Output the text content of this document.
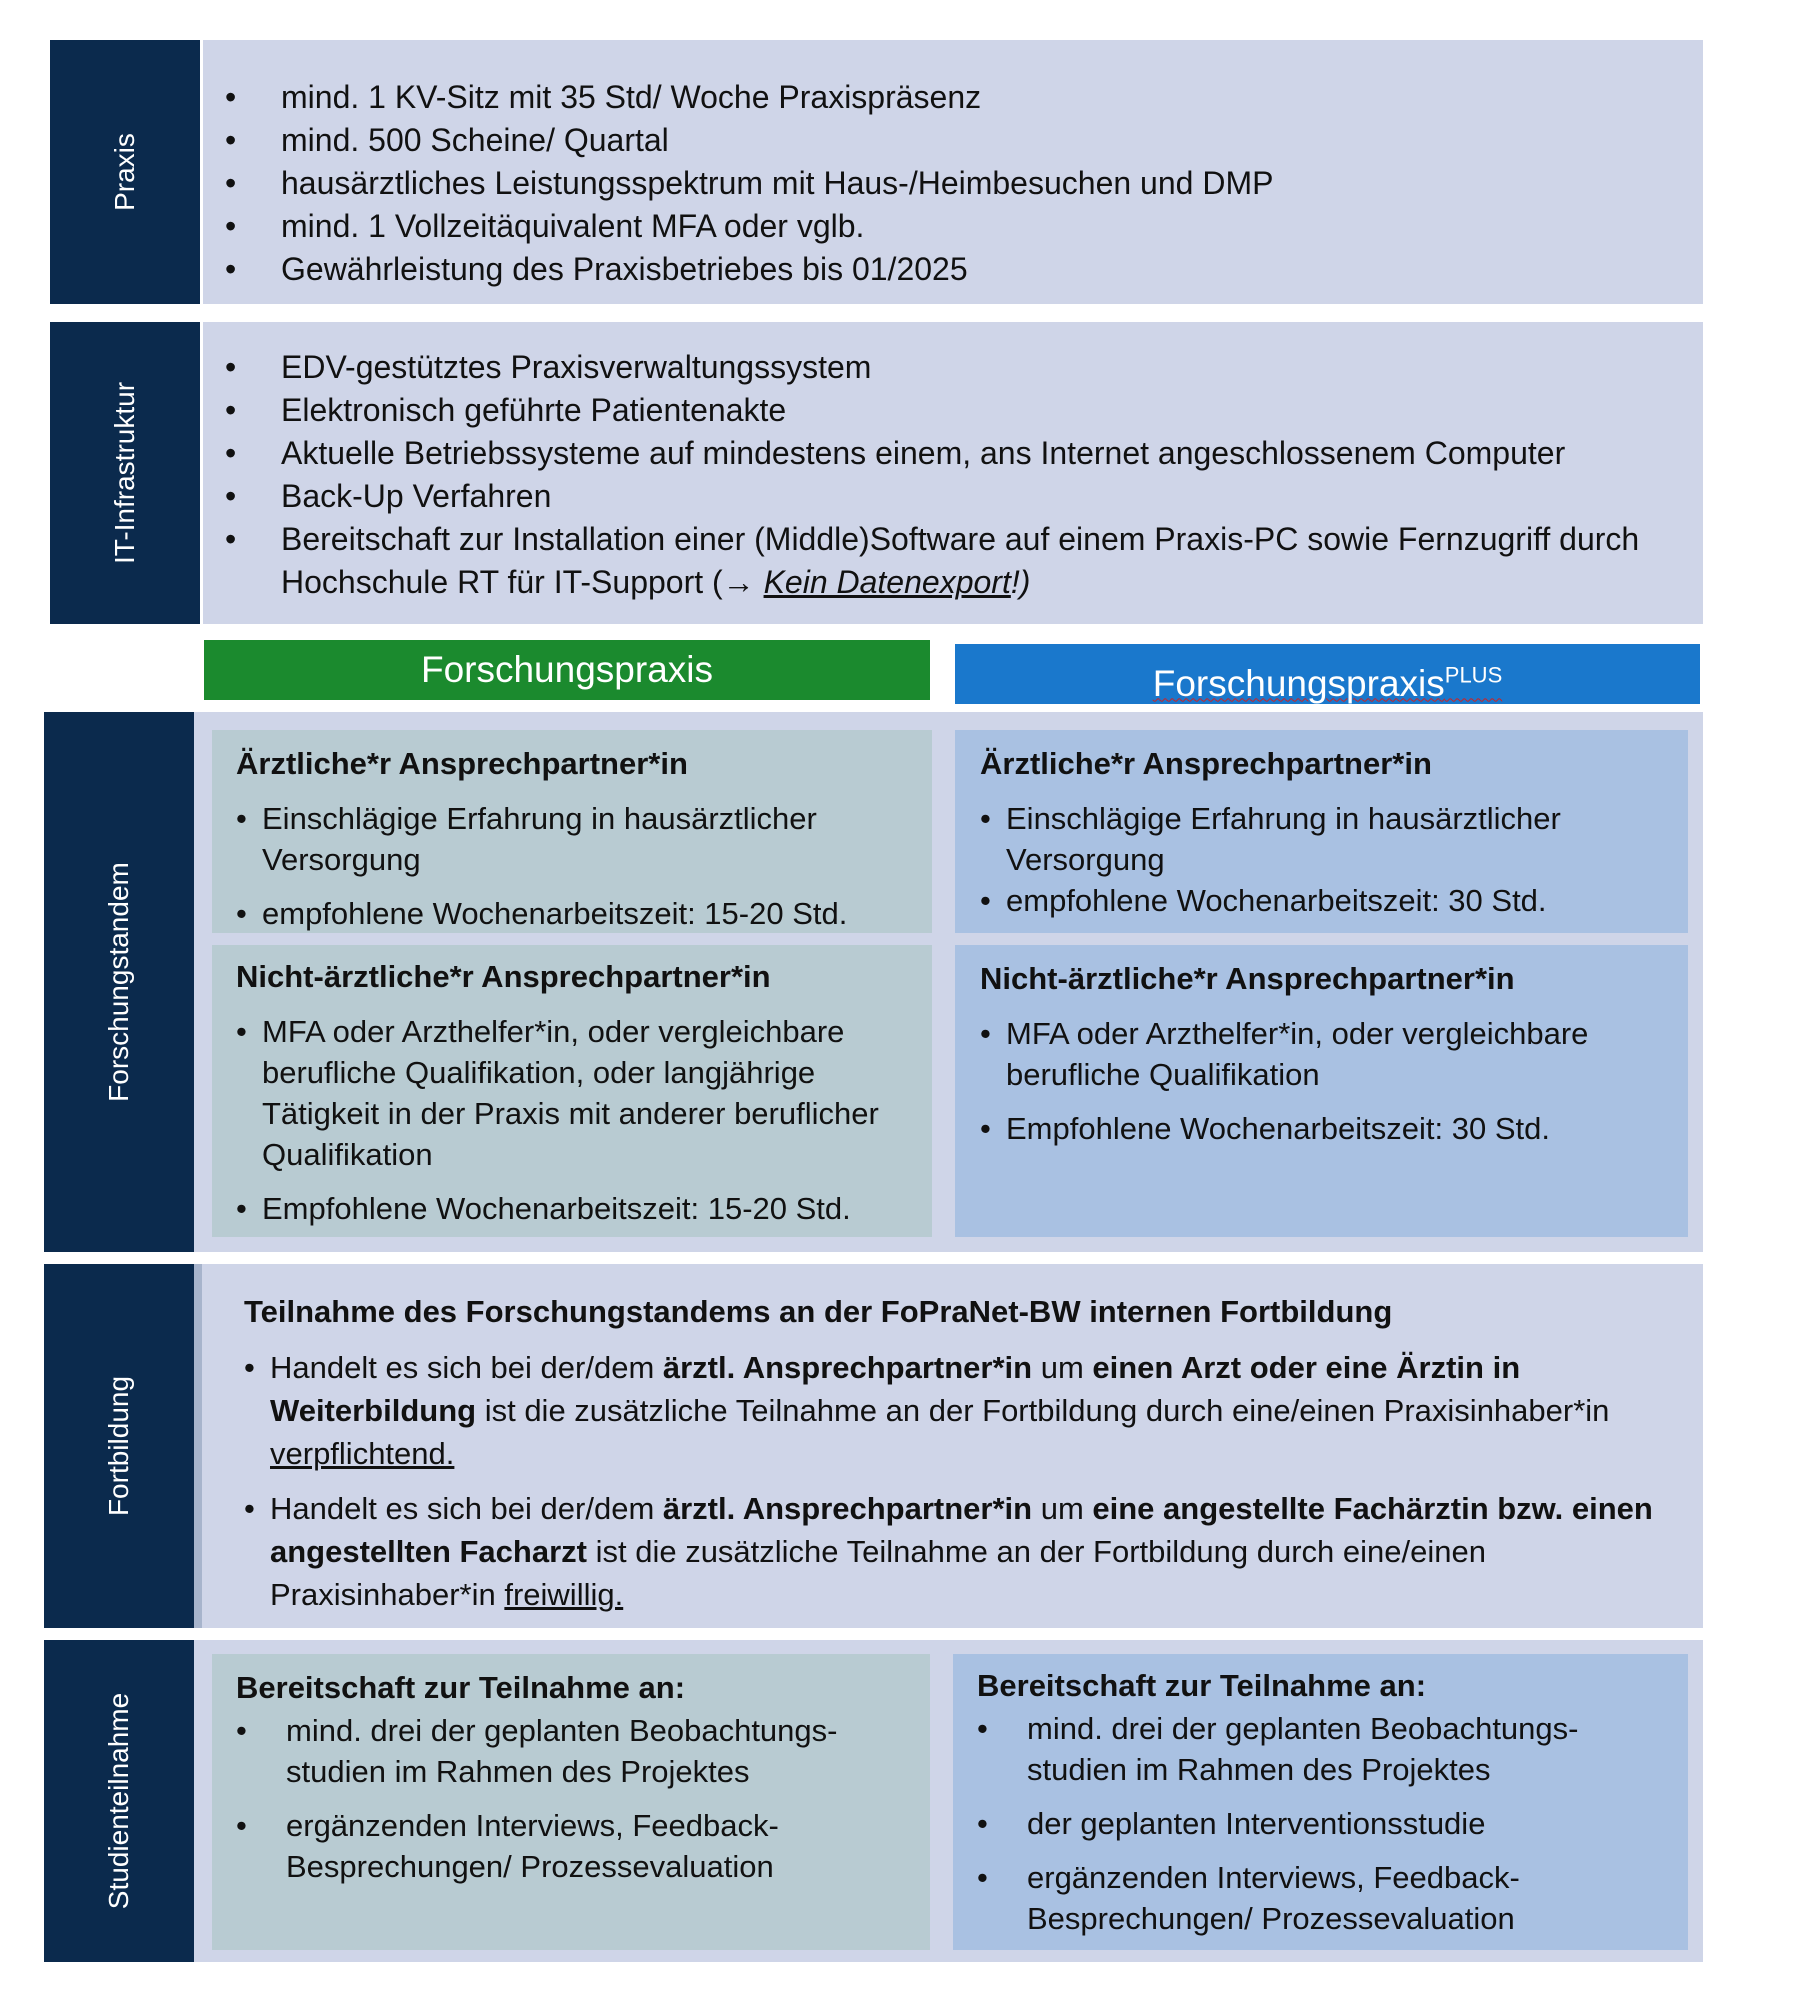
Praxis
• mind. 1 KV-Sitz mit 35 Std/ Woche Praxispräsenz
• mind. 500 Scheine/ Quartal
• hausärztliches Leistungsspektrum mit Haus-/Heimbesuchen und DMP
• mind. 1 Vollzeitäquivalent MFA oder vglb.
• Gewährleistung des Praxisbetriebes bis 01/2025
IT-Infrastruktur
• EDV-gestütztes Praxisverwaltungssystem
• Elektronisch geführte Patientenakte
• Aktuelle Betriebssysteme auf mindestens einem, ans Internet angeschlossenem Computer
• Back-Up Verfahren
• Bereitschaft zur Installation einer (Middle)Software auf einem Praxis-PC sowie Fernzugriff durch Hochschule RT für IT-Support (→ Kein Datenexport!)
Forschungspraxis	Forschungspraxis$^{PLUS}$
Forschungstandem

Ärztliche*r Ansprechpartner*in

• Einschlägige Erfahrung in hausärztlicher Versorgung
• empfohlene Wochenarbeitszeit: 15-20 Std.

Nicht-ärztliche*r Ansprechpartner*in

• MFA oder Arzthelfer*in, oder vergleichbare berufliche Qualifikation, oder langjährige Tätigkeit in der Praxis mit anderer beruflicher Qualifikation
• Empfohlene Wochenarbeitszeit: 15-20 Std.

Ärztliche*r Ansprechpartner*in

• Einschlägige Erfahrung in hausärztlicher Versorgung
• empfohlene Wochenarbeitszeit: 30 Std.

Nicht-ärztliche*r Ansprechpartner*in

• MFA oder Arzthelfer*in, oder vergleichbare berufliche Qualifikation
• Empfohlene Wochenarbeitszeit: 30 Std.
Fortbildung

Teilnahme des Forschungstandems an der FoPraNet-BW internen Fortbildung

• Handelt es sich bei der/dem ärztl. Ansprechpartner*in um einen Arzt oder eine Ärztin in Weiterbildung ist die zusätzliche Teilnahme an der Fortbildung durch eine/einen Praxisinhaber*in verpflichtend.
• Handelt es sich bei der/dem ärztl. Ansprechpartner*in um eine angestellte Fachärztin bzw. einen angestellten Facharzt ist die zusätzliche Teilnahme an der Fortbildung durch eine/einen Praxisinhaber*in freiwillig.
Studienteilnahme

Bereitschaft zur Teilnahme an:

• mind. drei der geplanten Beobachtungs-studien im Rahmen des Projektes
• ergänzenden Interviews, Feedback-Besprechungen/ Prozessevaluation

Bereitschaft zur Teilnahme an:

• mind. drei der geplanten Beobachtungs-studien im Rahmen des Projektes
• der geplanten Interventionsstudie
• ergänzenden Interviews, Feedback-Besprechungen/ Prozessevaluation
